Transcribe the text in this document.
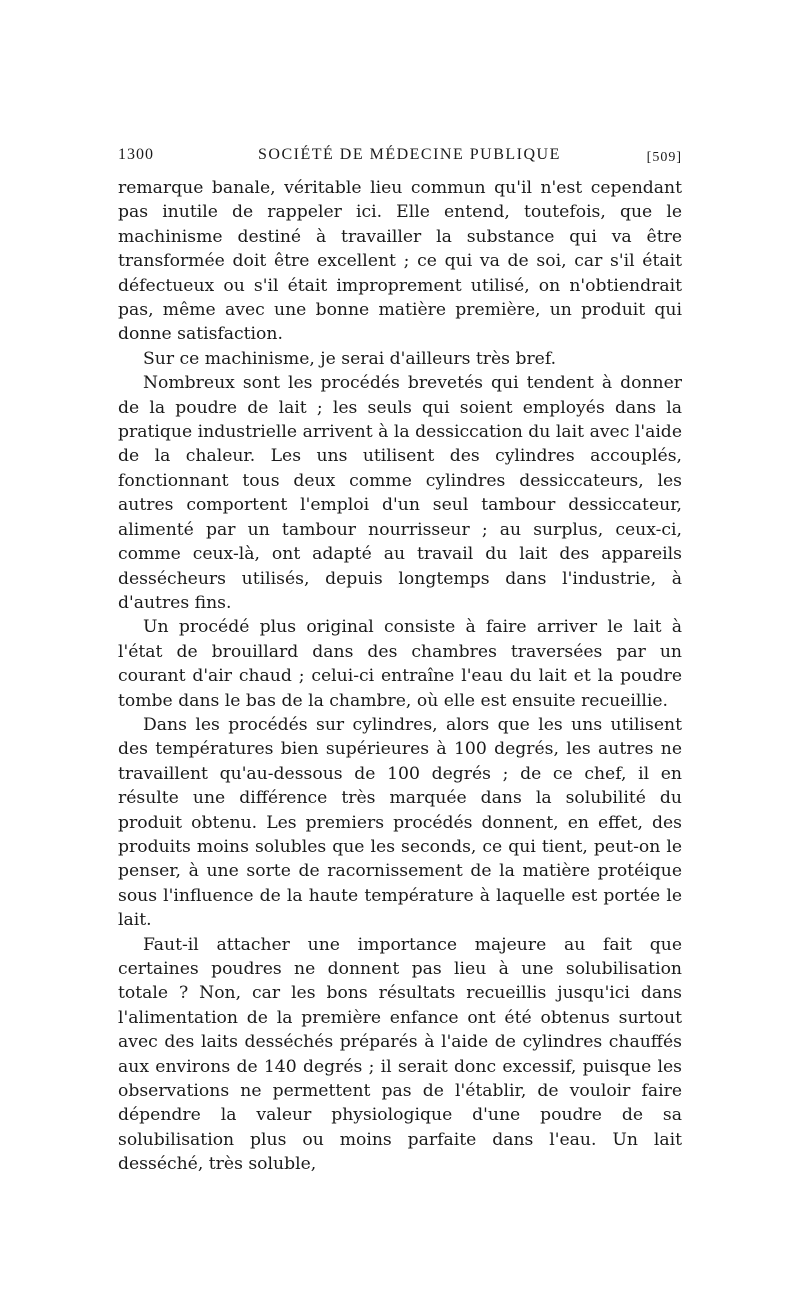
1300	SOCIÉTÉ DE MÉDECINE PUBLIQUE	[509]

remarque banale, véritable lieu commun qu'il n'est cependant pas inutile de rappeler ici. Elle entend, toutefois, que le machinisme destiné à travailler la substance qui va être transformée doit être excellent ; ce qui va de soi, car s'il était défectueux ou s'il était improprement utilisé, on n'obtiendrait pas, même avec une bonne matière première, un produit qui donne satisfaction.

Sur ce machinisme, je serai d'ailleurs très bref.

Nombreux sont les procédés brevetés qui tendent à donner de la poudre de lait ; les seuls qui soient employés dans la pratique industrielle arrivent à la dessiccation du lait avec l'aide de la chaleur. Les uns utilisent des cylindres accouplés, fonctionnant tous deux comme cylindres dessiccateurs, les autres comportent l'emploi d'un seul tambour dessiccateur, alimenté par un tambour nourrisseur ; au surplus, ceux-ci, comme ceux-là, ont adapté au travail du lait des appareils dessécheurs utilisés, depuis longtemps dans l'industrie, à d'autres fins.

Un procédé plus original consiste à faire arriver le lait à l'état de brouillard dans des chambres traversées par un courant d'air chaud ; celui-ci entraîne l'eau du lait et la poudre tombe dans le bas de la chambre, où elle est ensuite recueillie.

Dans les procédés sur cylindres, alors que les uns utilisent des températures bien supérieures à 100 degrés, les autres ne travaillent qu'au-dessous de 100 degrés ; de ce chef, il en résulte une différence très marquée dans la solubilité du produit obtenu. Les premiers procédés donnent, en effet, des produits moins solubles que les seconds, ce qui tient, peut-on le penser, à une sorte de racornissement de la matière protéique sous l'influence de la haute température à laquelle est portée le lait.

Faut-il attacher une importance majeure au fait que certaines poudres ne donnent pas lieu à une solubilisation totale ? Non, car les bons résultats recueillis jusqu'ici dans l'alimentation de la première enfance ont été obtenus surtout avec des laits desséchés préparés à l'aide de cylindres chauffés aux environs de 140 degrés ; il serait donc excessif, puisque les observations ne permettent pas de l'établir, de vouloir faire dépendre la valeur physiologique d'une poudre de sa solubilisation plus ou moins parfaite dans l'eau. Un lait desséché, très soluble,
